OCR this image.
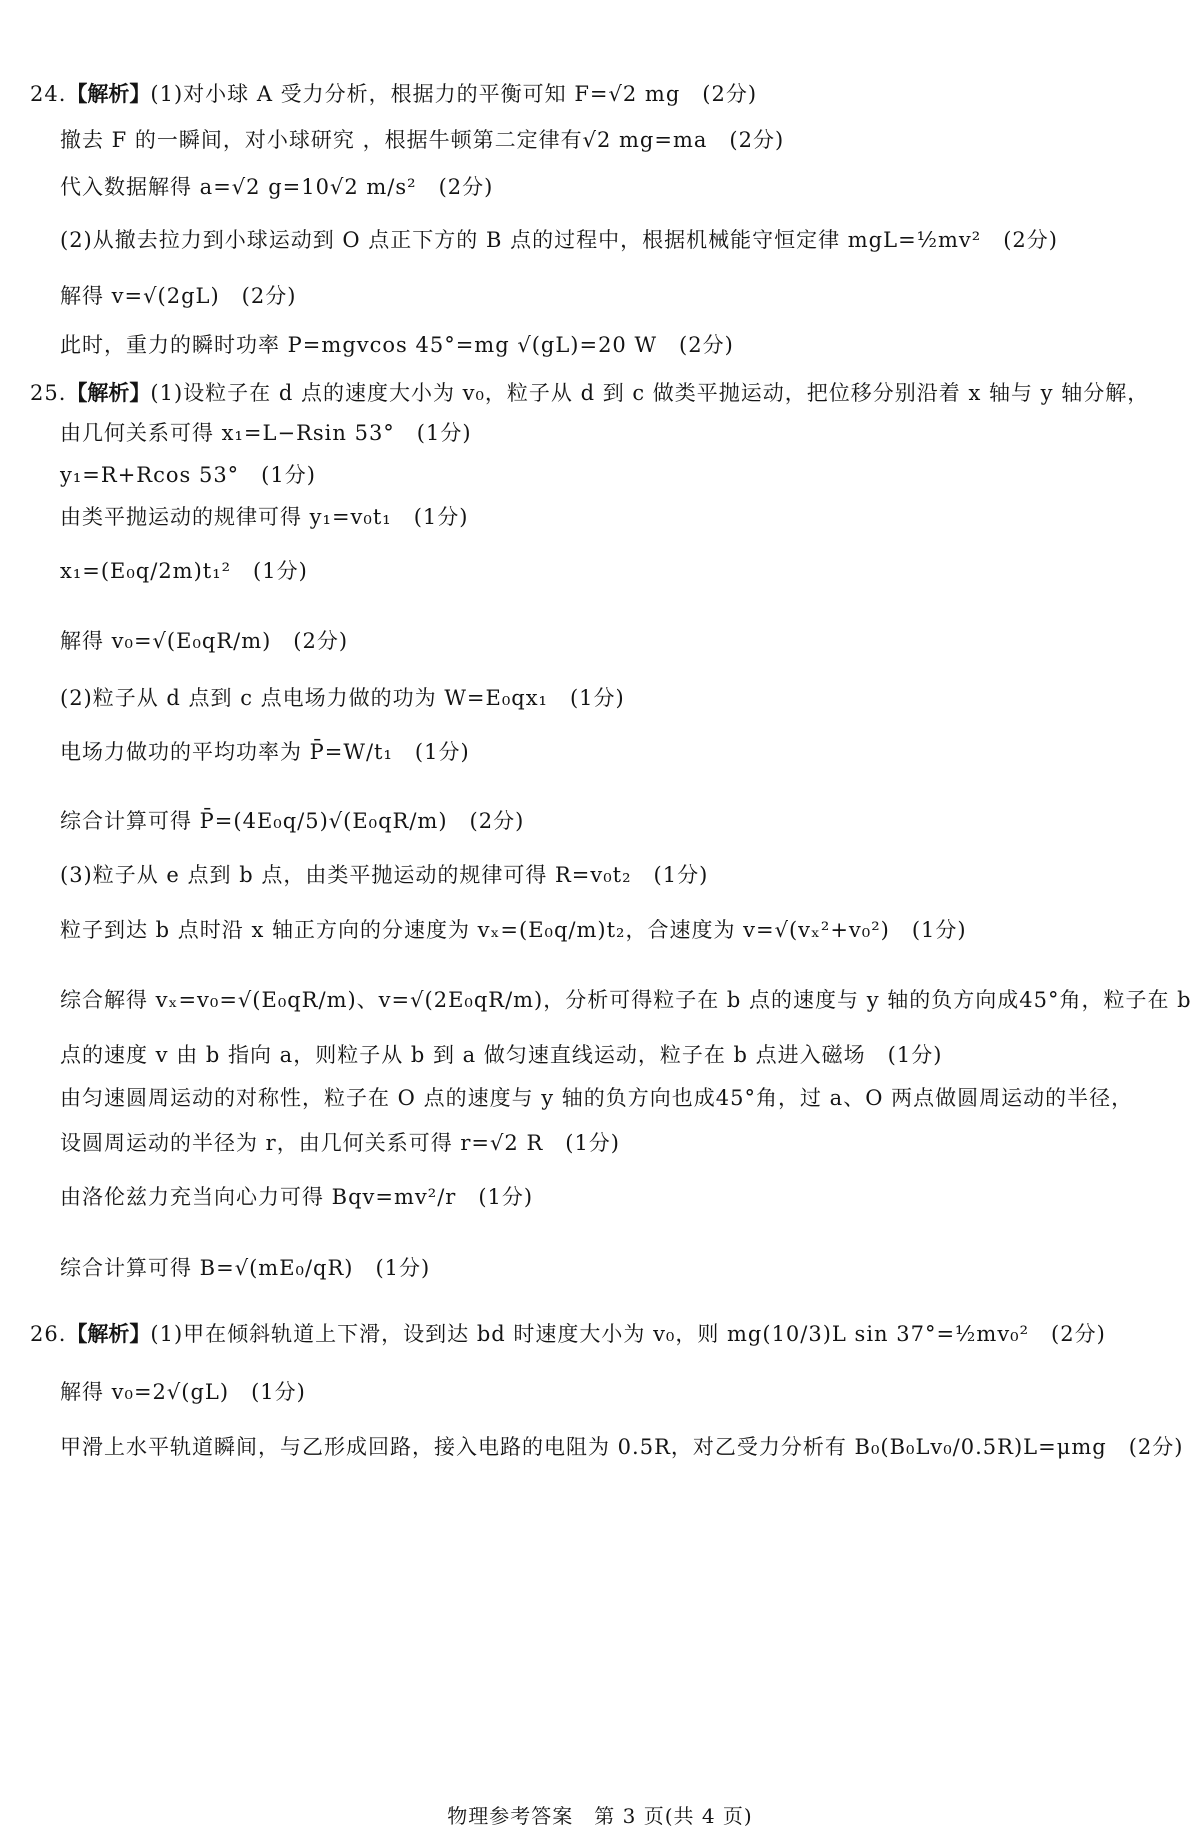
24.【解析】(1)对小球 A 受力分析，根据力的平衡可知 F=√2 mg　(2分)
撤去 F 的一瞬间，对小球研究 ，根据牛顿第二定律有√2 mg=ma　(2分)
代入数据解得 a=√2 g=10√2 m/s²　(2分)
(2)从撤去拉力到小球运动到 O 点正下方的 B 点的过程中，根据机械能守恒定律 mgL=½mv²　(2分)
解得 v=√(2gL)　(2分)
此时，重力的瞬时功率 P=mgvcos 45°=mg √(gL)=20 W　(2分)
25.【解析】(1)设粒子在 d 点的速度大小为 v₀，粒子从 d 到 c 做类平抛运动，把位移分别沿着 x 轴与 y 轴分解，
由几何关系可得 x₁=L−Rsin 53°　(1分)
y₁=R+Rcos 53°　(1分)
由类平抛运动的规律可得 y₁=v₀t₁　(1分)
x₁=(E₀q/2m)t₁²　(1分)
解得 v₀=√(E₀qR/m)　(2分)
(2)粒子从 d 点到 c 点电场力做的功为 W=E₀qx₁　(1分)
电场力做功的平均功率为 P̄=W/t₁　(1分)
综合计算可得 P̄=(4E₀q/5)√(E₀qR/m)　(2分)
(3)粒子从 e 点到 b 点，由类平抛运动的规律可得 R=v₀t₂　(1分)
粒子到达 b 点时沿 x 轴正方向的分速度为 vₓ=(E₀q/m)t₂，合速度为 v=√(vₓ²+v₀²)　(1分)
综合解得 vₓ=v₀=√(E₀qR/m)、v=√(2E₀qR/m)，分析可得粒子在 b 点的速度与 y 轴的负方向成45°角，粒子在 b
点的速度 v 由 b 指向 a，则粒子从 b 到 a 做匀速直线运动，粒子在 b 点进入磁场　(1分)
由匀速圆周运动的对称性，粒子在 O 点的速度与 y 轴的负方向也成45°角，过 a、O 两点做圆周运动的半径，
设圆周运动的半径为 r，由几何关系可得 r=√2 R　(1分)
由洛伦兹力充当向心力可得 Bqv=mv²/r　(1分)
综合计算可得 B=√(mE₀/qR)　(1分)
26.【解析】(1)甲在倾斜轨道上下滑，设到达 bd 时速度大小为 v₀，则 mg(10/3)L sin 37°=½mv₀²　(2分)
解得 v₀=2√(gL)　(1分)
甲滑上水平轨道瞬间，与乙形成回路，接入电路的电阻为 0.5R，对乙受力分析有 B₀(B₀Lv₀/0.5R)L=μmg　(2分)
物理参考答案　第 3 页(共 4 页)
